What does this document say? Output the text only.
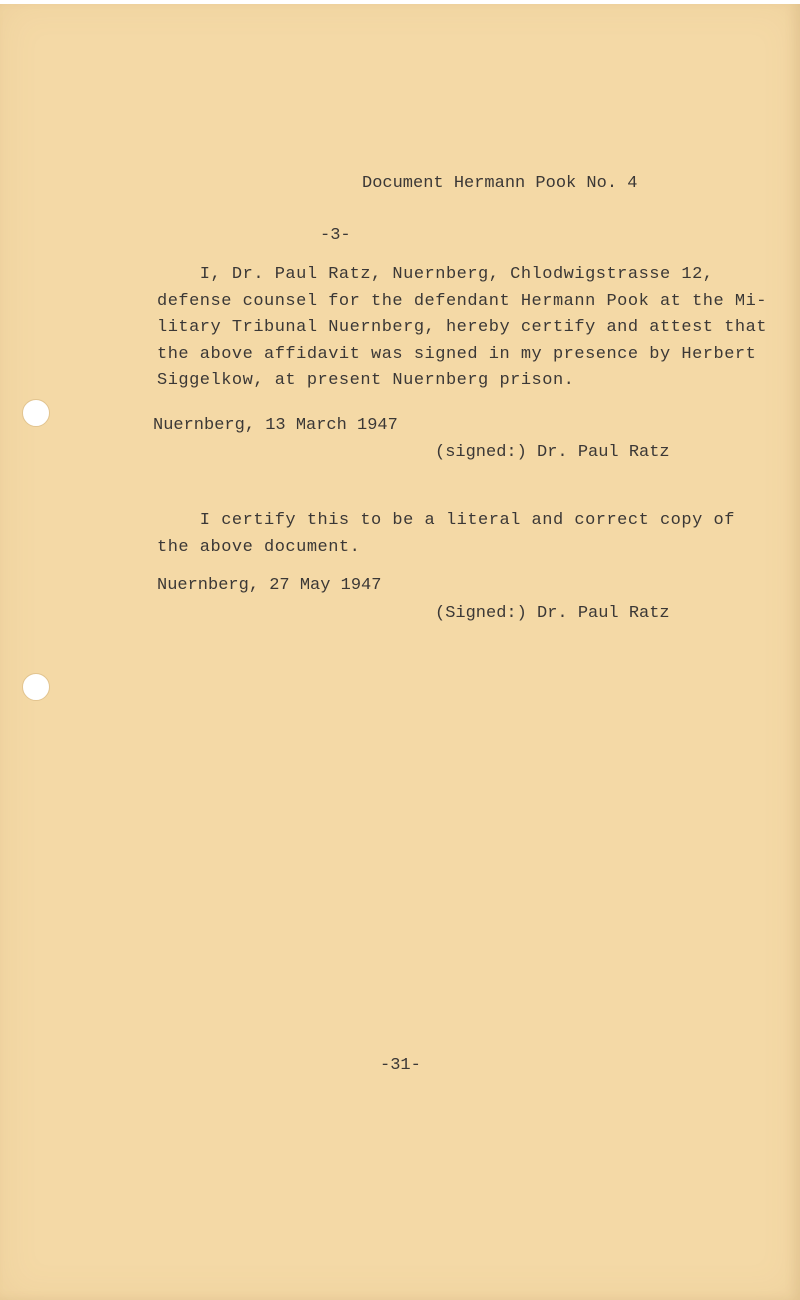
Document Hermann Pook No. 4
-3-

I, Dr. Paul Ratz, Nuernberg, Chlodwigstrasse 12,

defense counsel for the defendant Hermann Pook at the Mi-

litary Tribunal Nuernberg, hereby certify and attest that

the above affidavit was signed in my presence by Herbert

Siggelkow, at present Nuernberg prison.

Nuernberg, 13 March 1947
(signed:) Dr. Paul Ratz

I certify this to be a literal and correct copy of

the above document.

Nuernberg, 27 May 1947
(Signed:) Dr. Paul Ratz
-31-
